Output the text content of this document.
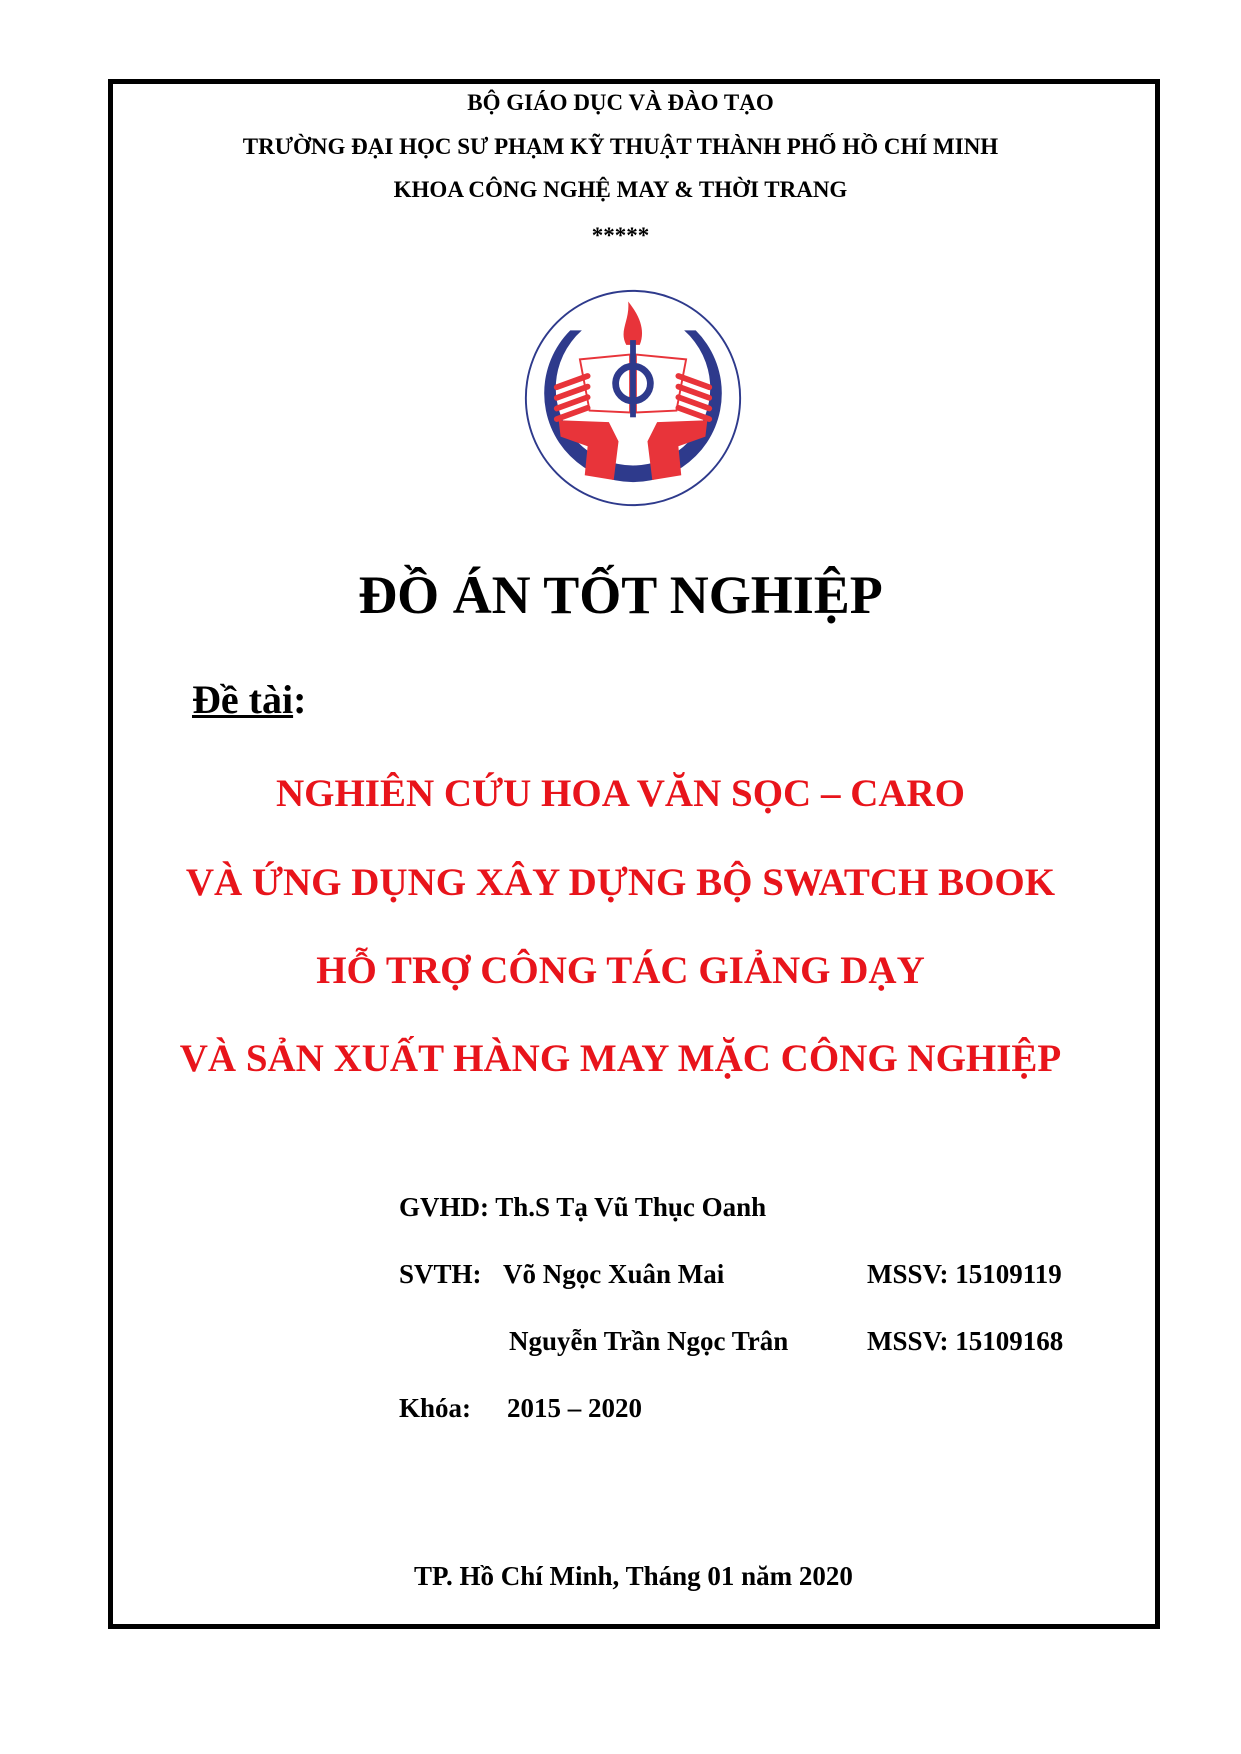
BỘ GIÁO DỤC VÀ ĐÀO TẠO
TRƯỜNG ĐẠI HỌC SƯ PHẠM KỸ THUẬT THÀNH PHỐ HỒ CHÍ MINH
KHOA CÔNG NGHỆ MAY & THỜI TRANG
*****
ĐỒ ÁN TỐT NGHIỆP
Đề tài:
NGHIÊN CỨU HOA VĂN SỌC – CARO
VÀ ỨNG DỤNG XÂY DỰNG BỘ SWATCH BOOK
HỖ TRỢ CÔNG TÁC GIẢNG DẠY
VÀ SẢN XUẤT HÀNG MAY MẶC CÔNG NGHIỆP
GVHD: Th.S Tạ Vũ Thục Oanh
SVTH: Võ Ngọc Xuân Mai	MSSV: 15109119
Nguyễn Trần Ngọc Trân	MSSV: 15109168
Khóa: 2015 – 2020
TP. Hồ Chí Minh, Tháng 01 năm 2020
